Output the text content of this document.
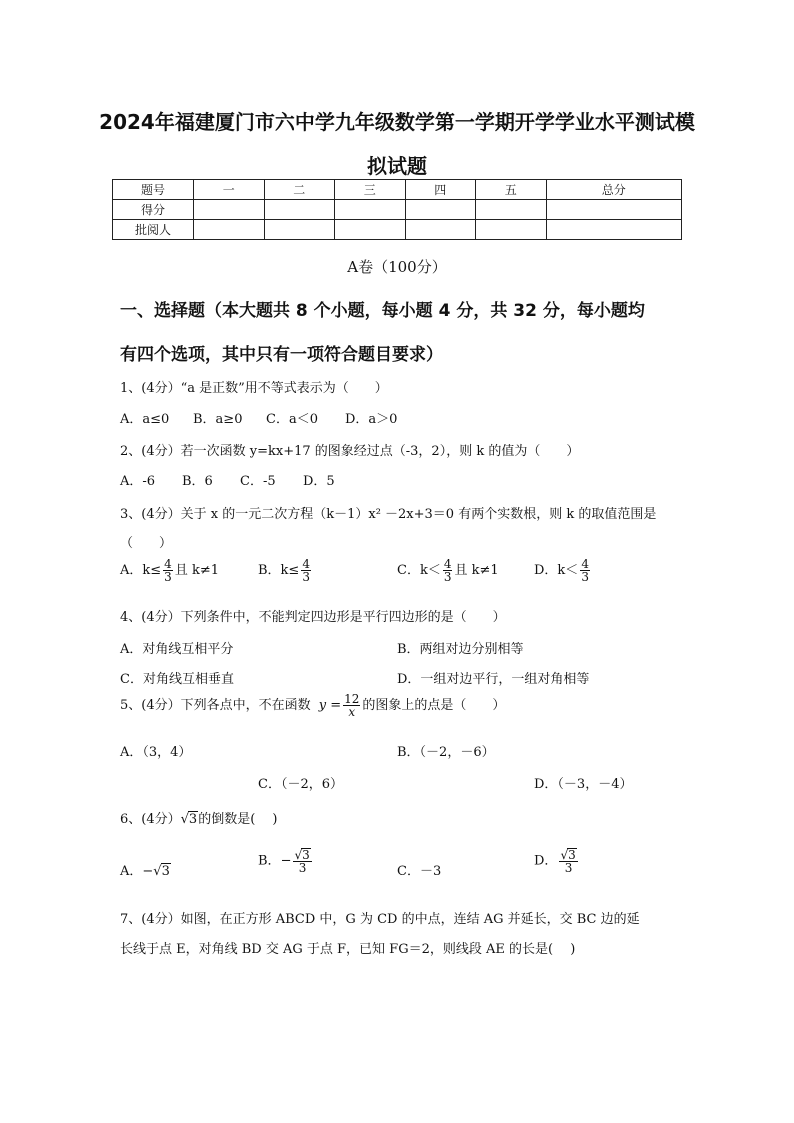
2024年福建厦门市六中学九年级数学第一学期开学学业水平测试模
拟试题
题号	一	二	三	四	五	总分
得分						
批阅人						
A卷（100分）
一、选择题（本大题共 8 个小题，每小题 4 分，共 32 分，每小题均
有四个选项，其中只有一项符合题目要求）
1、(4分）“a 是正数”用不等式表示为（　　）
A．a≤0 B．a≥0 C．a＜0 D．a＞0
2、(4分）若一次函数 y=kx+17 的图象经过点（-3，2），则 k 的值为（　　）
A．-6 B．6 C．-5 D．5
3、(4分）关于 x 的一元二次方程（k－1）x² －2x+3＝0 有两个实数根，则 k 的取值范围是
（　　）
A．$k\le \frac{4}{3}$ 且 k≠1	B．$k\le \frac{4}{3}$	C．$k< \frac{4}{3}$ 且 k≠1	D．$k< \frac{4}{3}$
4、(4分）下列条件中，不能判定四边形是平行四边形的是（　　）
A．对角线互相平分	B．两组对边分别相等
C．对角线互相垂直	D．一组对边平行，一组对角相等
5、(4分）下列各点中，不在函数 $y = \frac{12}{x}$ 的图象上的点是（　　）
A．（3，4）	B．（－2，－6）
C．（－2，6）	D．（－3，－4）
6、(4分）√3的倒数是(　 )
A．−√3
B．− $\frac{√3}{3}$	C．－3
D． $\frac{√3}{3}$
7、(4分）如图，在正方形 ABCD 中，G 为 CD 的中点，连结 AG 并延长，交 BC 边的延
长线于点 E，对角线 BD 交 AG 于点 F，已知 FG＝2，则线段 AE 的长是(　 )
